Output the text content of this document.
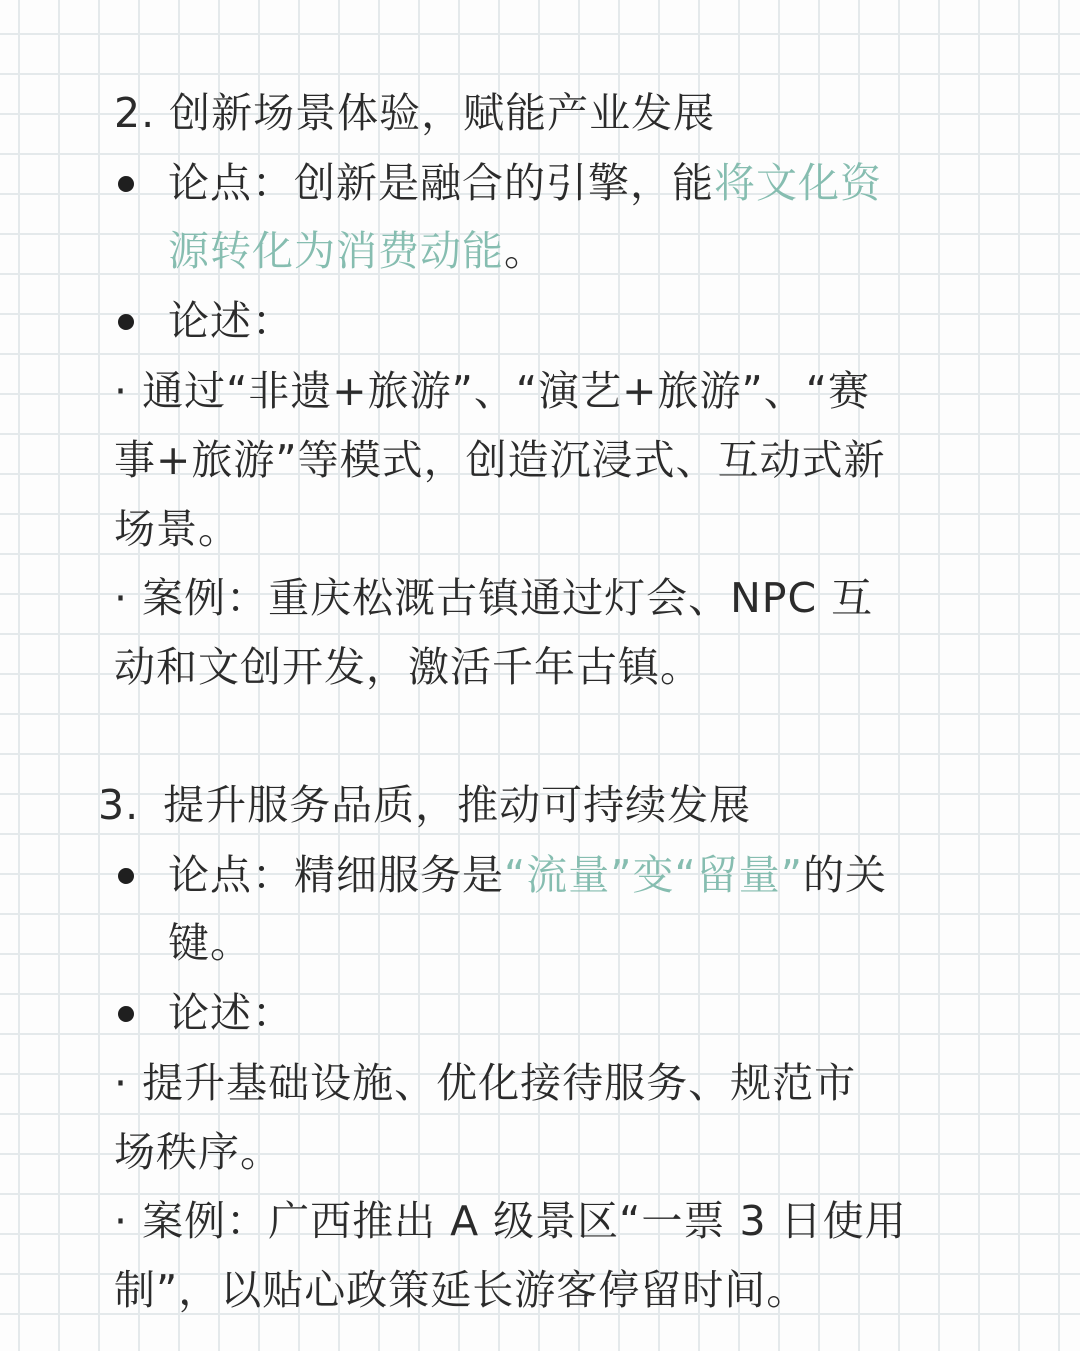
2. 创新场景体验，赋能产业发展
论点：创新是融合的引擎，能将文化资
源转化为消费动能。
论述：
· 通过“非遗+旅游”、“演艺+旅游”、“赛
事+旅游”等模式，创造沉浸式、互动式新
场景。
· 案例：重庆松溉古镇通过灯会、NPC 互
动和文创开发，激活千年古镇。
3. 提升服务品质，推动可持续发展
论点：精细服务是“流量”变“留量”的关
键。
论述：
· 提升基础设施、优化接待服务、规范市
场秩序。
· 案例：广西推出 A 级景区“一票 3 日使用
制”，以贴心政策延长游客停留时间。
